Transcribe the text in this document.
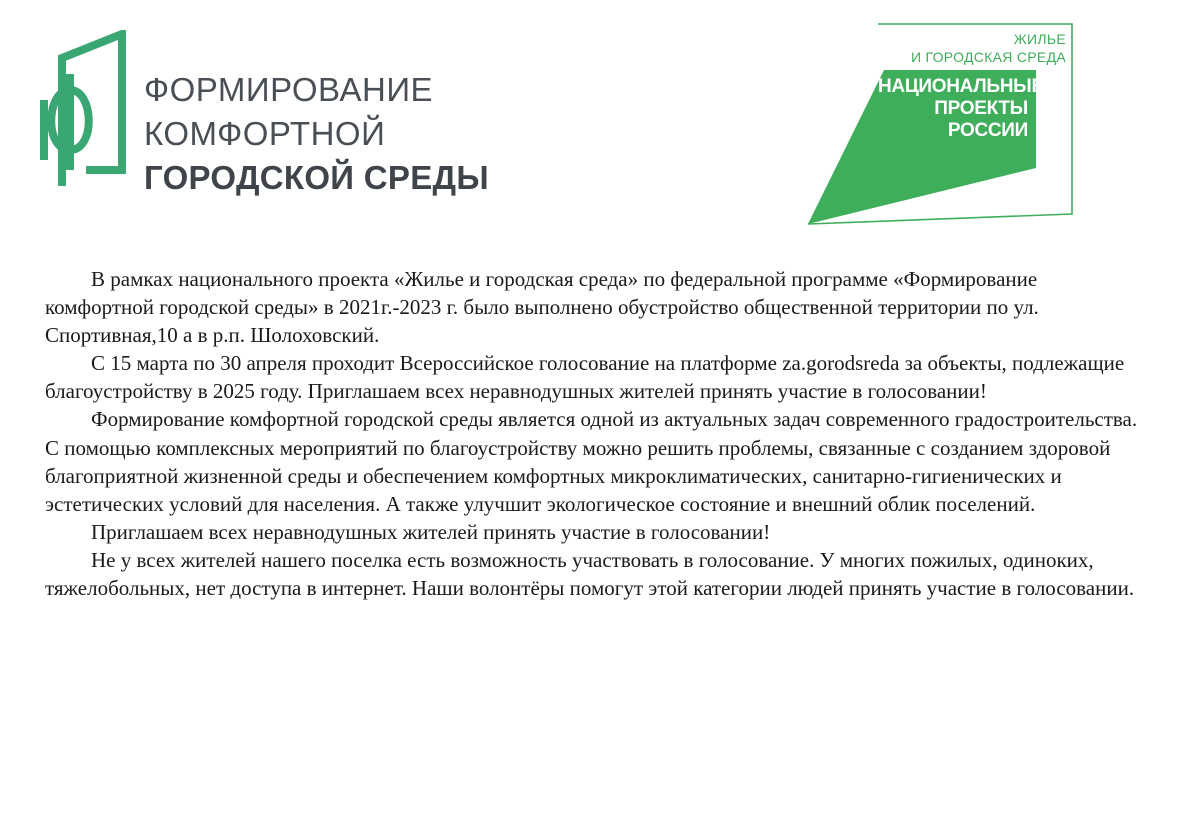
ФОРМИРОВАНИЕ
КОМФОРТНОЙ
ГОРОДСКОЙ СРЕДЫ
ЖИЛЬЕ
И ГОРОДСКАЯ СРЕДА
НАЦИОНАЛЬНЫЕ
ПРОЕКТЫ
РОССИИ

В рамках национального проекта «Жилье и городская среда» по федеральной программе «Формирование комфортной городской среды» в 2021г.-2023 г. было выполнено обустройство общественной территории по ул. Спортивная,10 а в р.п. Шолоховский.

С 15 марта по 30 апреля проходит Всероссийское голосование на платформе za.gorodsreda за объекты, подлежащие благоустройству в 2025 году. Приглашаем всех неравнодушных жителей принять участие в голосовании!

Формирование комфортной городской среды является одной из актуальных задач современного градостроительства. С помощью комплексных мероприятий по благоустройству можно решить проблемы, связанные с созданием здоровой благоприятной жизненной среды и обеспечением комфортных микроклиматических, санитарно-гигиенических и эстетических условий для населения. А также улучшит экологическое состояние и внешний облик поселений.

Приглашаем всех неравнодушных жителей принять участие в голосовании!

Не у всех жителей нашего поселка есть возможность участвовать в голосование. У многих пожилых, одиноких, тяжелобольных, нет доступа в интернет. Наши волонтёры помогут этой категории людей принять участие в голосовании.
